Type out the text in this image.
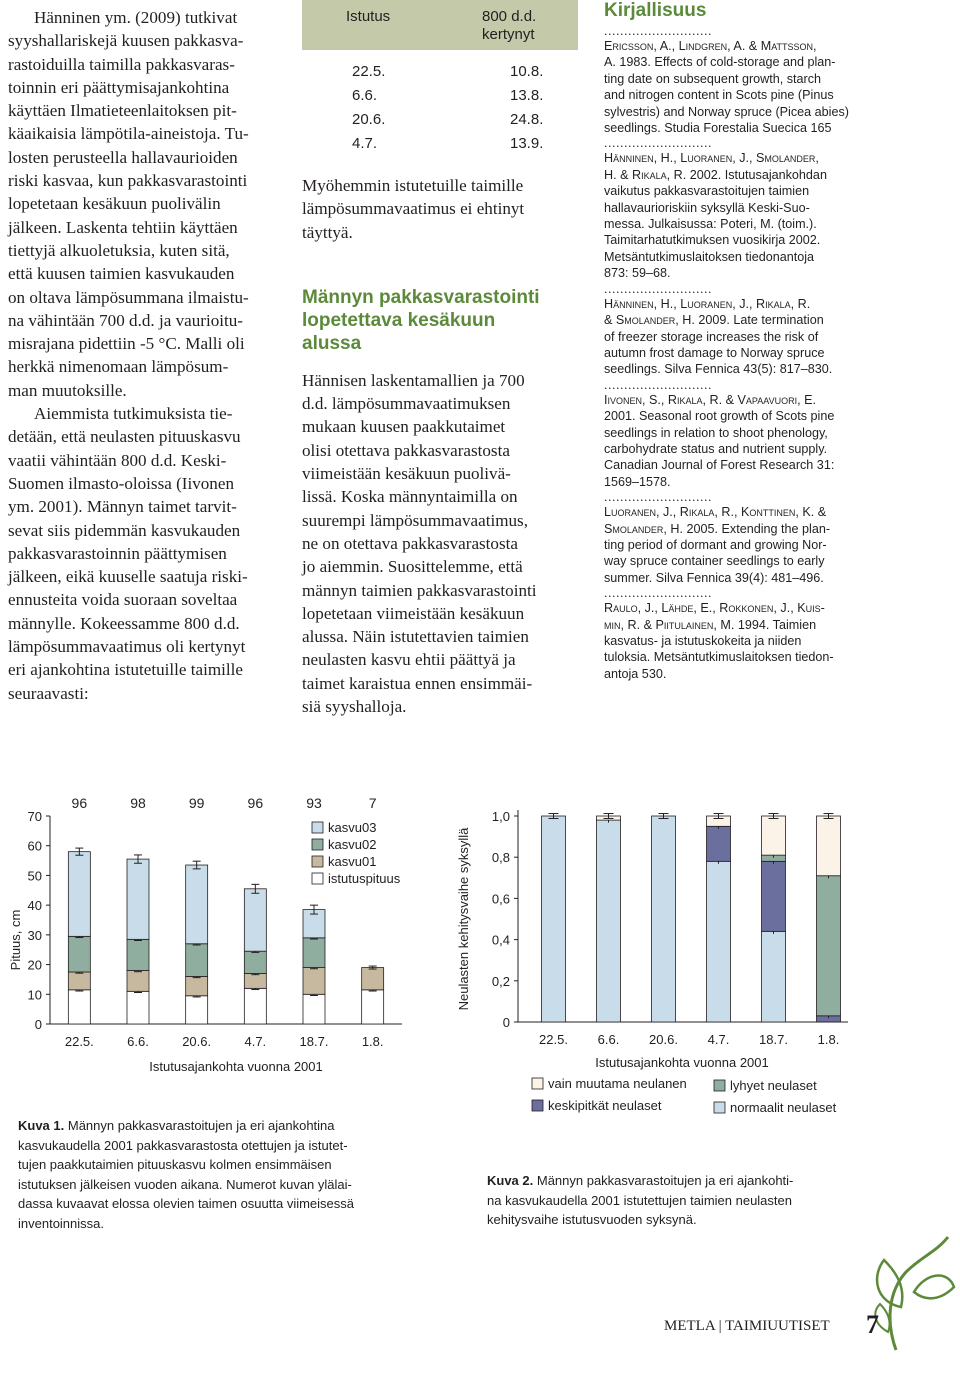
Hänninen ym. (2009) tutkivat
syyshallariskejä kuusen pakkasva-
rastoiduilla taimilla pakkasvaras-
toinnin eri päättymisajankohtina
käyttäen Ilmatieteenlaitoksen pit-
käaikaisia lämpötila-aineistoja. Tu-
losten perusteella hallavaurioiden
riski kasvaa, kun pakkasvarastointi
lopetetaan kesäkuun puolivälin
jälkeen. Laskenta tehtiin käyttäen
tiettyjä alkuoletuksia, kuten sitä,
että kuusen taimien kasvukauden
on oltava lämpösummana ilmaistu-
na vähintään 700 d.d. ja vaurioitu-
misrajana pidettiin -5 °C. Malli oli
herkkä nimenomaan lämpösum-
man muutoksille.
Aiemmista tutkimuksista tie-
detään, että neulasten pituuskasvu
vaatii vähintään 800 d.d. Keski-
Suomen ilmasto-oloissa (Iivonen
ym. 2001). Männyn taimet tarvit-
sevat siis pidemmän kasvukauden
pakkasvarastoinnin päättymisen
jälkeen, eikä kuuselle saatuja riski-
ennusteita voida suoraan soveltaa
männylle. Kokeessamme 800 d.d.
lämpösummavaatimus oli kertynyt
eri ajankohtina istutetuille taimille
seuraavasti:
Istutus	800 d.d.
kertynyt
22.5.	10.8.
6.6.	13.8.
20.6.	24.8.
4.7.	13.9.
Myöhemmin istutetuille taimille
lämpösummavaatimus ei ehtinyt
täyttyä.
Männyn pakkasvarastointi
lopetettava kesäkuun
alussa
Hännisen laskentamallien ja 700
d.d. lämpösummavaatimuksen
mukaan kuusen paakkutaimet
olisi otettava pakkasvarastosta
viimeistään kesäkuun puolivä-
lissä. Koska männyntaimilla on
suurempi lämpösummavaatimus,
ne on otettava pakkasvarastosta
jo aiemmin. Suosittelemme, että
männyn taimien pakkasvarastointi
lopetetaan viimeistään kesäkuun
alussa. Näin istutettavien taimien
neulasten kasvu ehtii päättyä ja
taimet karaistua ennen ensimmäi-
siä syyshalloja.
Kirjallisuus
...........................
Ericsson, A., Lindgren, A. & Mattsson,
A. 1983. Effects of cold-storage and plan-
ting date on subsequent growth, starch
and nitrogen content in Scots pine (Pinus
sylvestris) and Norway spruce (Picea abies)
seedlings. Studia Forestalia Suecica 165
...........................
Hänninen, H., Luoranen, J., Smolander,
H. & Rikala, R. 2002. Istutusajankohdan
vaikutus pakkasvarastoitujen taimien
hallavaurioriskiin syksyllä Keski-Suo-
messa. Julkaisussa: Poteri, M. (toim.).
Taimitarhatutkimuksen vuosikirja 2002.
Metsäntutkimuslaitoksen tiedonantoja
873: 59–68.
...........................
Hänninen, H., Luoranen, J., Rikala, R.
& Smolander, H. 2009. Late termination
of freezer storage increases the risk of
autumn frost damage to Norway spruce
seedlings. Silva Fennica 43(5): 817–830.
...........................
Iivonen, S., Rikala, R. & Vapaavuori, E.
2001. Seasonal root growth of Scots pine
seedlings in relation to shoot phenology,
carbohydrate status and nutrient supply.
Canadian Journal of Forest Research 31:
1569–1578.
...........................
Luoranen, J., Rikala, R., Konttinen, K. &
Smolander, H. 2005. Extending the plan-
ting period of dormant and growing Nor-
way spruce container seedlings to early
summer. Silva Fennica 39(4): 481–496.
...........................
Raulo, J., Lähde, E., Rokkonen, J., Kuis-
min, R. & Piitulainen, M. 1994. Taimien
kasvatus- ja istutuskokeita ja niiden
tuloksia. Metsäntutkimuslaitoksen tiedon-
antoja 530.
0
10
20
30
40
50
60
70
Pituus, cm
96
22.5.
98
6.6.
99
20.6.
96
4.7.
93
18.7.
7
1.8.
Istutusajankohta vuonna 2001
kasvu03
kasvu02
kasvu01
istutuspituus
0
0,2
0,4
0,6
0,8
1,0
Neulasten kehitysvaihe syksyllä
22.5. 6.6. 20.6. 4.7. 18.7. 1.8.
Istutusajankohta vuonna 2001
vain muutama neulanen
keskipitkät neulaset
lyhyet neulaset
normaalit neulaset
Kuva 1. Männyn pakkasvarastoitujen ja eri ajankohtina
kasvukaudella 2001 pakkasvarastosta otettujen ja istutet-
tujen paakkutaimien pituuskasvu kolmen ensimmäisen
istutuksen jälkeisen vuoden aikana. Numerot kuvan ylälai-
dassa kuvaavat elossa olevien taimen osuutta viimeisessä
inventoinnissa.
Kuva 2. Männyn pakkasvarastoitujen ja eri ajankohti-
na kasvukaudella 2001 istutettujen taimien neulasten
kehitysvaihe istutusvuoden syksynä.
METLA | TAIMIUUTISET 7
